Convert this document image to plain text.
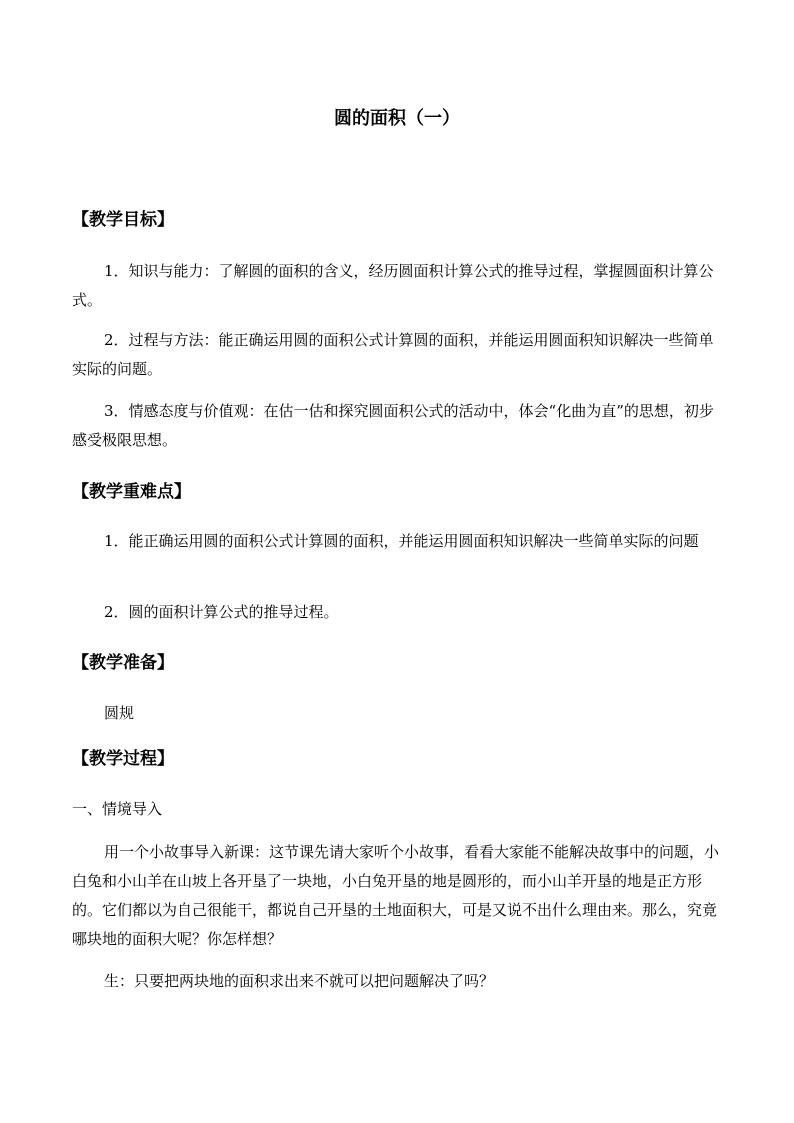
圆的面积（一）
【教学目标】
1．知识与能力：了解圆的面积的含义，经历圆面积计算公式的推导过程，掌握圆面积计算公式。
2．过程与方法：能正确运用圆的面积公式计算圆的面积，并能运用圆面积知识解决一些简单实际的问题。
3．情感态度与价值观：在估一估和探究圆面积公式的活动中，体会“化曲为直”的思想，初步感受极限思想。
【教学重难点】
1．能正确运用圆的面积公式计算圆的面积，并能运用圆面积知识解决一些简单实际的问题
2．圆的面积计算公式的推导过程。
【教学准备】
圆规
【教学过程】
一、情境导入
用一个小故事导入新课：这节课先请大家听个小故事，看看大家能不能解决故事中的问题，小白兔和小山羊在山坡上各开垦了一块地，小白兔开垦的地是圆形的，而小山羊开垦的地是正方形的。它们都以为自己很能干，都说自己开垦的土地面积大，可是又说不出什么理由来。那么，究竟哪块地的面积大呢？你怎样想？
生：只要把两块地的面积求出来不就可以把问题解决了吗？
